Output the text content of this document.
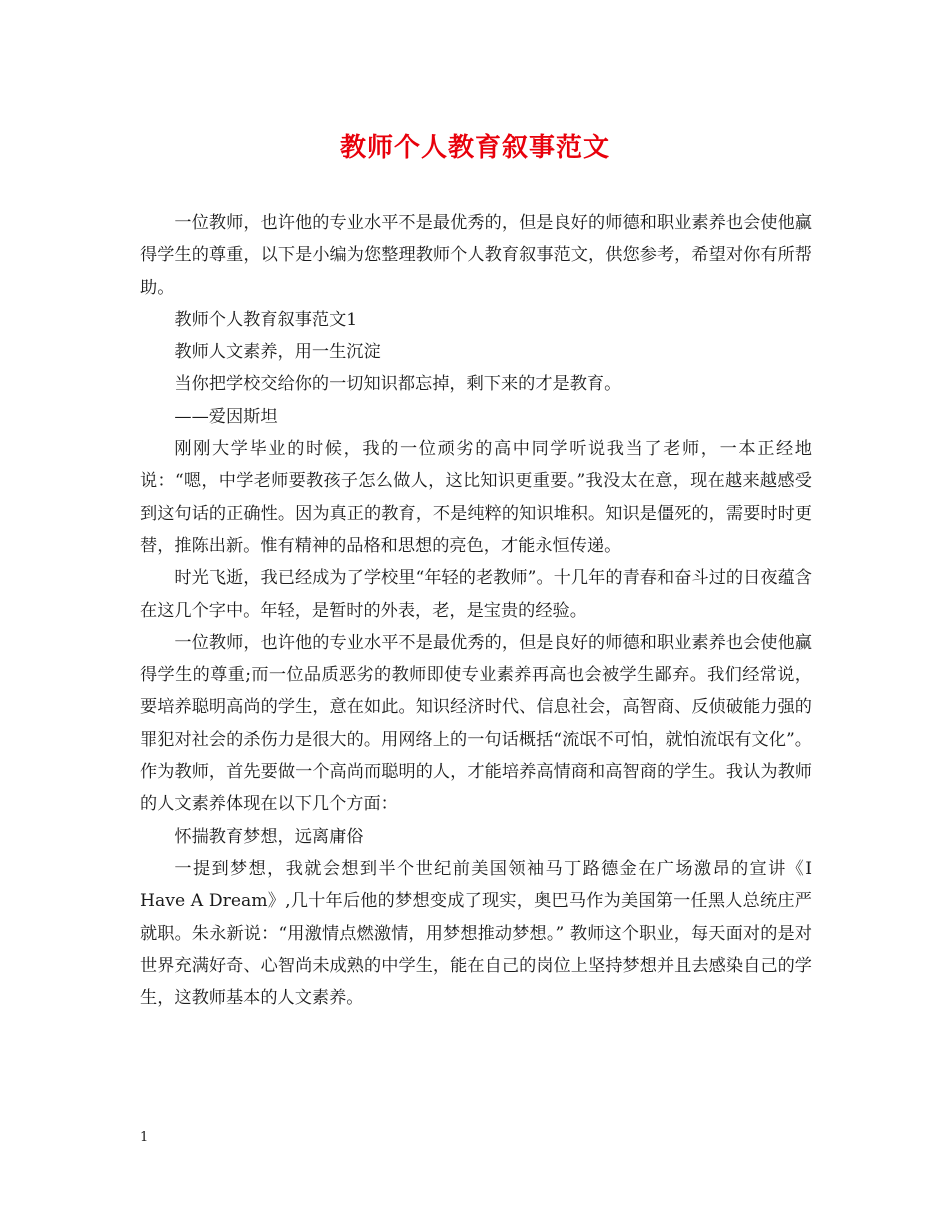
教师个人教育叙事范文

一位教师，也许他的专业水平不是最优秀的，但是良好的师德和职业素养也会使他赢得学生的尊重，以下是小编为您整理教师个人教育叙事范文，供您参考，希望对你有所帮助。

教师个人教育叙事范文1

教师人文素养，用一生沉淀

当你把学校交给你的一切知识都忘掉，剩下来的才是教育。

——爱因斯坦

刚刚大学毕业的时候，我的一位顽劣的高中同学听说我当了老师，一本正经地说：“嗯，中学老师要教孩子怎么做人，这比知识更重要。”我没太在意，现在越来越感受到这句话的正确性。因为真正的教育，不是纯粹的知识堆积。知识是僵死的，需要时时更替，推陈出新。惟有精神的品格和思想的亮色，才能永恒传递。

时光飞逝，我已经成为了学校里“年轻的老教师”。十几年的青春和奋斗过的日夜蕴含在这几个字中。年轻，是暂时的外表，老，是宝贵的经验。

一位教师，也许他的专业水平不是最优秀的，但是良好的师德和职业素养也会使他赢得学生的尊重;而一位品质恶劣的教师即使专业素养再高也会被学生鄙弃。我们经常说，要培养聪明高尚的学生，意在如此。知识经济时代、信息社会，高智商、反侦破能力强的罪犯对社会的杀伤力是很大的。用网络上的一句话概括“流氓不可怕，就怕流氓有文化”。作为教师，首先要做一个高尚而聪明的人，才能培养高情商和高智商的学生。我认为教师的人文素养体现在以下几个方面：

怀揣教育梦想，远离庸俗

一提到梦想，我就会想到半个世纪前美国领袖马丁路德金在广场激昂的宣讲《I Have A Dream》,几十年后他的梦想变成了现实，奥巴马作为美国第一任黑人总统庄严就职。朱永新说：“用激情点燃激情，用梦想推动梦想。” 教师这个职业，每天面对的是对世界充满好奇、心智尚未成熟的中学生，能在自己的岗位上坚持梦想并且去感染自己的学生，这教师基本的人文素养。

1
